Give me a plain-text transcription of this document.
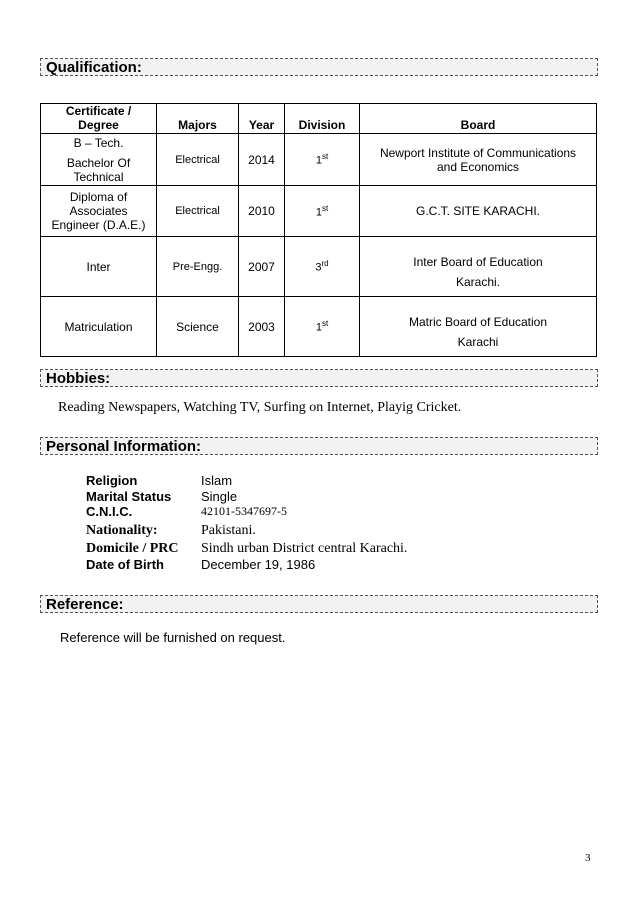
Qualification:
Certificate / Degree	Majors	Year	Division	Board

B – Tech.
Bachelor Of Technical	Electrical	2014	1st	Newport Institute of Communications and Economics
Diploma of Associates Engineer (D.A.E.)	Electrical	2010	1st	G.C.T. SITE KARACHI.
Inter	Pre-Engg.	2007	3rd	Inter Board of Education
Karachi.

Matriculation	Science	2003	1st	Matric Board of Education
Karachi
Hobbies:
Reading Newspapers, Watching TV, Surfing on Internet, Playig Cricket.
Personal Information:
Religion	Islam
Marital Status	Single
C.N.I.C.	42101-5347697-5
Nationality:	Pakistani.
Domicile / PRC	Sindh urban District central Karachi.
Date of Birth	December 19, 1986
Reference:
Reference will be furnished on request.
3
